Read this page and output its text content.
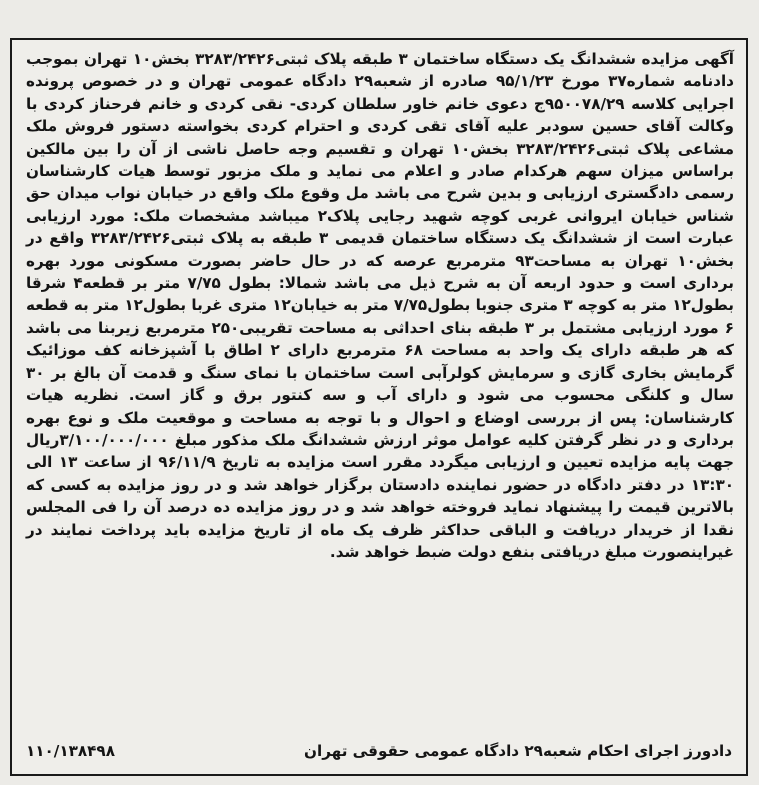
آگهی مزایده ششدانگ یک دستگاه ساختمان ۳ طبقه پلاک ثبتی۳۲۸۳/۲۴۲۶ بخش۱۰ تهران بموجب دادنامه شماره۳۷ مورخ ۹۵/۱/۲۳ صادره از شعبه۲۹ دادگاه عمومی تهران و در خصوص پرونده اجرایی کلاسه ۹۵۰۰۷۸/۲۹ج دعوی خانم خاور سلطان کردی- نقی کردی و خانم فرحناز کردی با وکالت آقای حسین سودبر علیه آقای تقی کردی و احترام کردی بخواسته دستور فروش ملک مشاعی پلاک ثبتی۳۲۸۳/۲۴۲۶ بخش۱۰ تهران و تقسیم وجه حاصل ناشی از آن را بین مالکین براساس میزان سهم هرکدام صادر و اعلام می نماید و ملک مزبور توسط هیات کارشناسان رسمی دادگستری ارزیابی و بدین شرح می باشد مل وقوع ملک واقع در خیابان نواب میدان حق شناس خیابان ایروانی غربی کوچه شهید رجایی پلاک۲ میباشد مشخصات ملک: مورد ارزیابی عبارت است از ششدانگ یک دستگاه ساختمان قدیمی ۳ طبقه به پلاک ثبتی۳۲۸۳/۲۴۲۶ واقع در بخش۱۰ تهران به مساحت۹۳ مترمربع عرصه که در حال حاضر بصورت مسکونی مورد بهره برداری است و حدود اربعه آن به شرح ذیل می باشد شمالا: بطول ۷/۷۵ متر بر قطعه۴ شرقا بطول۱۲ متر به کوچه ۳ متری جنوبا بطول۷/۷۵ متر به خیابان۱۲ متری غربا بطول۱۲ متر به قطعه ۶ مورد ارزیابی مشتمل بر ۳ طبقه بنای احداثی به مساحت تقریبی۲۵۰ مترمربع زیربنا می باشد که هر طبقه دارای یک واحد به مساحت ۶۸ مترمربع دارای ۲ اطاق با آشپزخانه کف موزائیک گرمایش بخاری گازی و سرمایش کولرآبی است ساختمان با نمای سنگ و قدمت آن بالغ بر ۳۰ سال و کلنگی محسوب می شود و دارای آب و سه کنتور برق و گاز است. نظریه هیات کارشناسان: پس از بررسی اوضاع و احوال و با توجه به مساحت و موقعیت ملک و نوع بهره برداری و در نظر گرفتن کلیه عوامل موثر ارزش ششدانگ ملک مذکور مبلغ ۳/۱۰۰/۰۰۰/۰۰۰ریال جهت پایه مزایده تعیین و ارزیابی میگردد مقرر است مزایده به تاریخ ۹۶/۱۱/۹ از ساعت ۱۳ الی ۱۳:۳۰ در دفتر دادگاه در حضور نماینده دادستان برگزار خواهد شد و در روز مزایده به کسی که بالاترین قیمت را پیشنهاد نماید فروخته خواهد شد و در روز مزایده ده درصد آن را فی المجلس نقدا از خریدار دریافت و الباقی حداکثر ظرف یک ماه از تاریخ مزایده باید پرداخت نمایند در غیراینصورت مبلغ دریافتی بنفع دولت ضبط خواهد شد.

دادورز اجرای احکام شعبه۲۹ دادگاه عمومی حقوقی تهران
۱۱۰/۱۳۸۴۹۸
